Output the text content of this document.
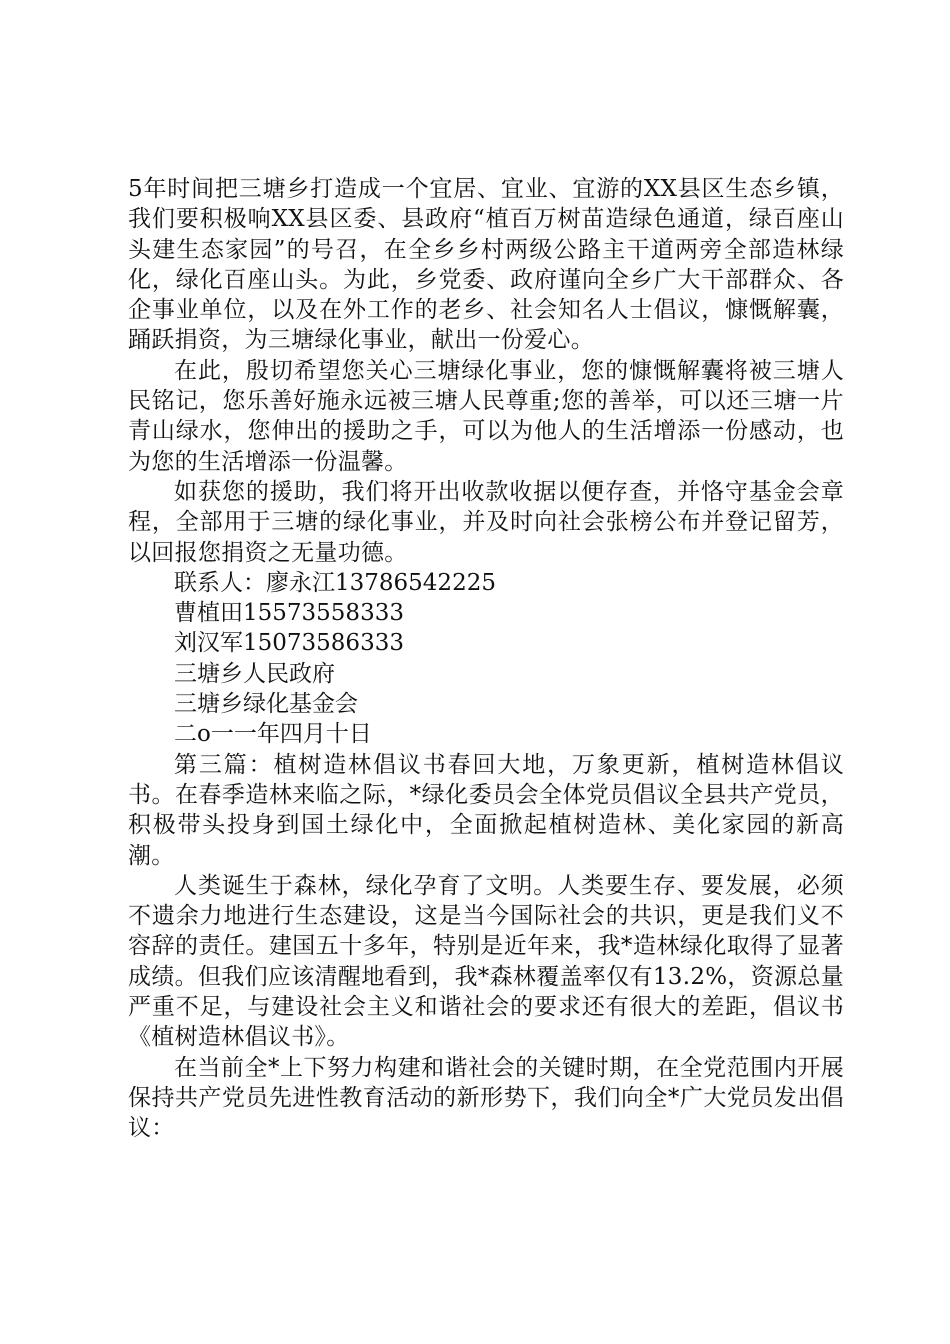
5年时间把三塘乡打造成一个宜居、宜业、宜游的XX县区生态乡镇，我们要积极响XX县区委、县政府“植百万树苗造绿色通道，绿百座山头建生态家园”的号召，在全乡乡村两级公路主干道两旁全部造林绿化，绿化百座山头。为此，乡党委、政府谨向全乡广大干部群众、各企事业单位，以及在外工作的老乡、社会知名人士倡议，慷慨解囊，踊跃捐资，为三塘绿化事业，献出一份爱心。

在此，殷切希望您关心三塘绿化事业，您的慷慨解囊将被三塘人民铭记，您乐善好施永远被三塘人民尊重;您的善举，可以还三塘一片青山绿水，您伸出的援助之手，可以为他人的生活增添一份感动，也为您的生活增添一份温馨。

如获您的援助，我们将开出收款收据以便存查，并恪守基金会章程，全部用于三塘的绿化事业，并及时向社会张榜公布并登记留芳，以回报您捐资之无量功德。

联系人：廖永江13786542225

曹植田15573558333

刘汉军15073586333

三塘乡人民政府

三塘乡绿化基金会

二o一一年四月十日

第三篇：植树造林倡议书春回大地，万象更新，植树造林倡议书。在春季造林来临之际，*绿化委员会全体党员倡议全县共产党员，积极带头投身到国土绿化中，全面掀起植树造林、美化家园的新高潮。

人类诞生于森林，绿化孕育了文明。人类要生存、要发展，必须不遗余力地进行生态建设，这是当今国际社会的共识，更是我们义不容辞的责任。建国五十多年，特别是近年来，我*造林绿化取得了显著成绩。但我们应该清醒地看到，我*森林覆盖率仅有13.2%，资源总量严重不足，与建设社会主义和谐社会的要求还有很大的差距，倡议书《植树造林倡议书》。

在当前全*上下努力构建和谐社会的关键时期，在全党范围内开展保持共产党员先进性教育活动的新形势下，我们向全*广大党员发出倡议：
